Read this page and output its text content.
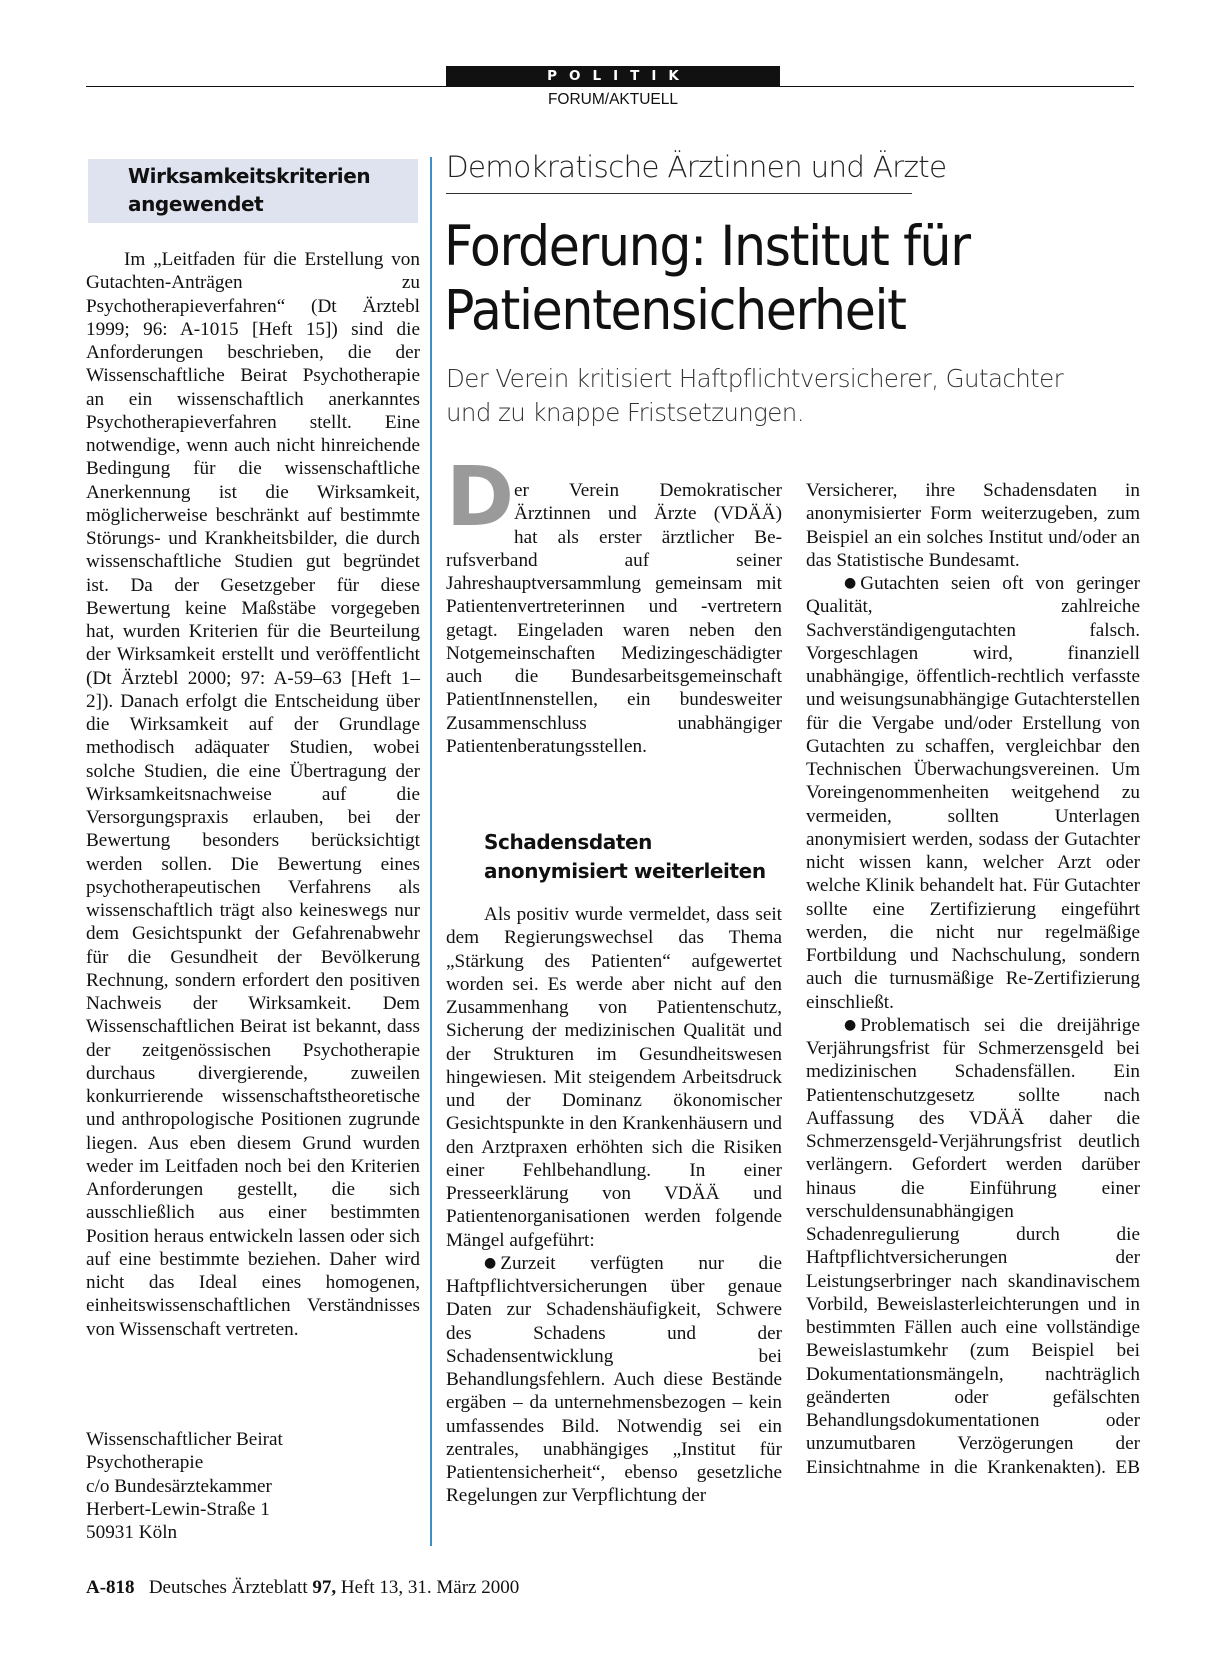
POLITIK
FORUM/AKTUELL
Wirksamkeitskriterien angewendet

Im „Leitfaden für die Erstellung von Gutachten-Anträgen zu Psychotherapieverfahren“ (Dt Ärztebl 1999; 96: A-1015 [Heft 15]) sind die Anforderungen beschrieben, die der Wissenschaftliche Beirat Psychotherapie an ein wissenschaftlich anerkanntes Psychotherapieverfahren stellt. Eine notwendige, wenn auch nicht hinreichende Bedingung für die wissenschaftliche Anerkennung ist die Wirksamkeit, möglicherweise beschränkt auf bestimmte Störungs- und Krankheitsbilder, die durch wissenschaftliche Studien gut begründet ist. Da der Gesetzgeber für diese Bewertung keine Maßstäbe vorgegeben hat, wurden Kriterien für die Beurteilung der Wirksamkeit erstellt und veröffentlicht (Dt Ärztebl 2000; 97: A-59–63 [Heft 1–2]). Danach erfolgt die Entscheidung über die Wirksamkeit auf der Grundlage methodisch adäquater Studien, wobei solche Studien, die eine Übertragung der Wirksamkeitsnachweise auf die Versorgungspraxis erlauben, bei der Bewertung besonders berücksichtigt werden sollen. Die Bewertung eines psychotherapeutischen Verfahrens als wissenschaftlich trägt also keineswegs nur dem Gesichtspunkt der Gefahrenabwehr für die Gesundheit der Bevölkerung Rechnung, sondern erfordert den positiven Nachweis der Wirksamkeit. Dem Wissenschaftlichen Beirat ist bekannt, dass der zeitgenössischen Psychotherapie durchaus divergierende, zuweilen konkurrierende wissenschaftstheoretische und anthropologische Positionen zugrunde liegen. Aus eben diesem Grund wurden weder im Leitfaden noch bei den Kriterien Anforderungen gestellt, die sich ausschließlich aus einer bestimmten Position heraus entwickeln lassen oder sich auf eine bestimmte beziehen. Daher wird nicht das Ideal eines homogenen, einheitswissenschaftlichen Verständnisses von Wissenschaft vertreten.

Wissenschaftlicher Beirat
Psychotherapie
c/o Bundesärztekammer
Herbert-Lewin-Straße 1
50931 Köln
Demokratische Ärztinnen und Ärzte
Forderung: Institut für
Patientensicherheit
Der Verein kritisiert Haftpflichtversicherer, Gutachter
und zu knappe Fristsetzungen.
D er Verein Demokratischer
Ärztinnen und Ärzte (VDÄÄ)
hat als erster ärztlicher Be-
rufsverband auf seiner Jahreshauptversammlung gemeinsam mit Patientenvertreterinnen und -vertretern getagt. Eingeladen waren neben den Notgemeinschaften Medizingeschädigter auch die Bundesarbeitsgemeinschaft PatientInnenstellen, ein bundesweiter Zusammenschluss unabhängiger Patientenberatungsstellen.

Schadensdaten anonymisiert weiterleiten

Als positiv wurde vermeldet, dass seit dem Regierungswechsel das Thema „Stärkung des Patienten“ aufgewertet worden sei. Es werde aber nicht auf den Zusammenhang von Patientenschutz, Sicherung der medizinischen Qualität und der Strukturen im Gesundheitswesen hingewiesen. Mit steigendem Arbeitsdruck und der Dominanz ökonomischer Gesichtspunkte in den Krankenhäusern und den Arztpraxen erhöhten sich die Risiken einer Fehlbehandlung. In einer Presseerklärung von VDÄÄ und Patientenorganisationen werden folgende Mängel aufgeführt:

● Zurzeit verfügten nur die Haftpflichtversicherungen über genaue Daten zur Schadenshäufigkeit, Schwere des Schadens und der Schadensentwicklung bei Behandlungsfehlern. Auch diese Bestände ergäben – da unternehmensbezogen – kein umfassendes Bild. Notwendig sei ein zentrales, unabhängiges „Institut für Patientensicherheit“, ebenso gesetzliche Regelungen zur Verpflichtung der

Versicherer, ihre Schadensdaten in anonymisierter Form weiterzugeben, zum Beispiel an ein solches Institut und/oder an das Statistische Bundesamt.

● Gutachten seien oft von geringer Qualität, zahlreiche Sachverständigengutachten falsch. Vorgeschlagen wird, finanziell unabhängige, öffentlich-rechtlich verfasste und weisungsunabhängige Gutachterstellen für die Vergabe und/oder Erstellung von Gutachten zu schaffen, vergleichbar den Technischen Überwachungsvereinen. Um Voreingenommenheiten weitgehend zu vermeiden, sollten Unterlagen anonymisiert werden, sodass der Gutachter nicht wissen kann, welcher Arzt oder welche Klinik behandelt hat. Für Gutachter sollte eine Zertifizierung eingeführt werden, die nicht nur regelmäßige Fortbildung und Nachschulung, sondern auch die turnusmäßige Re-Zertifizierung einschließt.

● Problematisch sei die dreijährige Verjährungsfrist für Schmerzensgeld bei medizinischen Schadensfällen. Ein Patientenschutzgesetz sollte nach Auffassung des VDÄÄ daher die Schmerzensgeld-Verjährungsfrist deutlich verlängern. Gefordert werden darüber hinaus die Einführung einer verschuldensunabhängigen Schadenregulierung durch die Haftpflichtversicherungen der Leistungserbringer nach skandinavischem Vorbild, Beweislasterleichterungen und in bestimmten Fällen auch eine vollständige Beweislastumkehr (zum Beispiel bei Dokumentationsmängeln, nachträglich geänderten oder gefälschten Behandlungsdokumentationen oder unzumutbaren Verzögerungen der Einsichtnahme in die Krankenakten). EB

A-818 Deutsches Ärzteblatt 97, Heft 13, 31. März 2000
